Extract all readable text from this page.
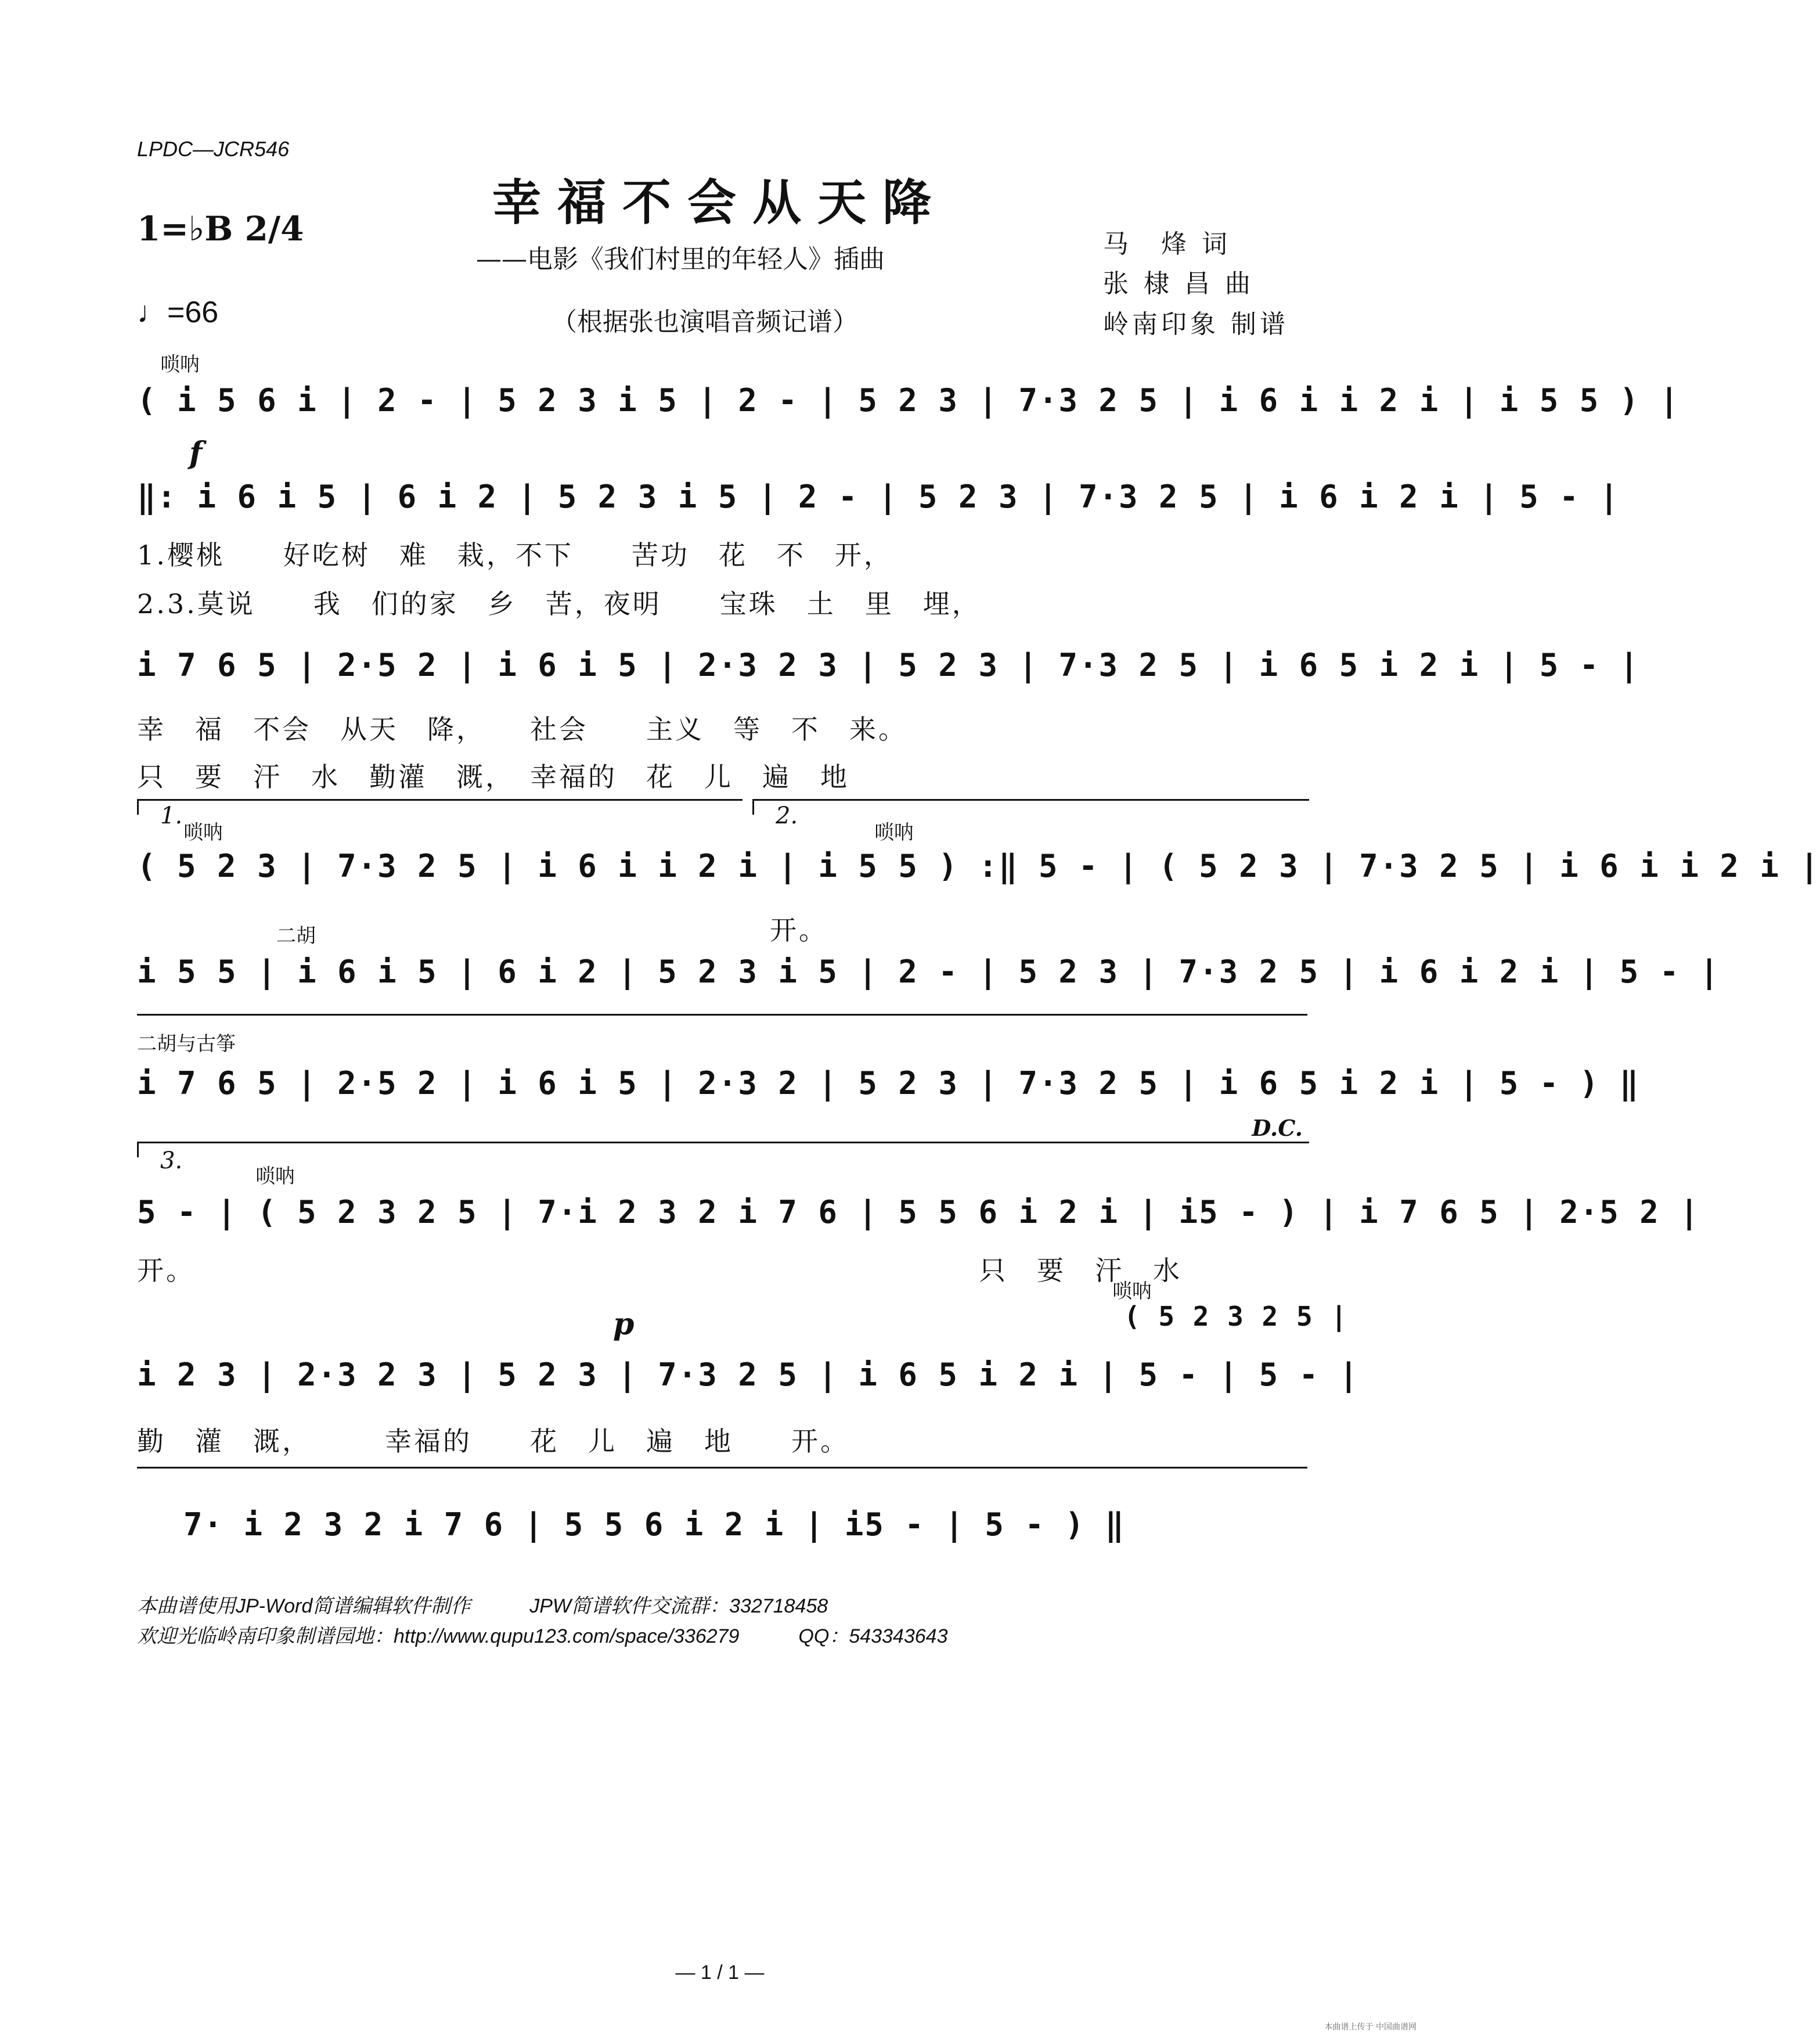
LPDC—JCR546
幸福不会从天降
——电影《我们村里的年轻人》插曲
（根据张也演唱音频记谱）
1=♭B 2/4
♩=66
马　烽 词
张 棣 昌 曲
岭南印象 制谱
唢呐
( i 5 6 i | 2 - | 5 2 3 i 5 | 2 - | 5 2 3 | 7·3 2 5 | i 6 i i 2 i | i 5 5 ) |
f
‖: i 6 i 5 | 6 i 2 | 5 2 3 i 5 | 2 - | 5 2 3 | 7·3 2 5 | i 6 i 2 i | 5 - |
1.樱桃　　好吃树　难　栽，不下　　苦功　花　不　开，
2.3.莫说　　我　们的家　乡　苦，夜明　　宝珠　土　里　埋，
i 7 6 5 | 2·5 2 | i 6 i 5 | 2·3 2 3 | 5 2 3 | 7·3 2 5 | i 6 5 i 2 i | 5 - |
幸　福　不会　从天　降，　　社会　　主义　等　不　来。
只　要　汗　水　勤灌　溉，　幸福的　花　儿　遍　地
1.
唢呐
2.
唢呐
( 5 2 3 | 7·3 2 5 | i 6 i i 2 i | i 5 5 ) :‖ 5 - | ( 5 2 3 | 7·3 2 5 | i 6 i i 2 i |
开。
二胡
i 5 5 | i 6 i 5 | 6 i 2 | 5 2 3 i 5 | 2 - | 5 2 3 | 7·3 2 5 | i 6 i 2 i | 5 - |
二胡与古筝
i 7 6 5 | 2·5 2 | i 6 i 5 | 2·3 2 | 5 2 3 | 7·3 2 5 | i 6 5 i 2 i | 5 - ) ‖
D.C.
3.
唢呐
5 - | ( 5 2 3 2 5 | 7·i 2 3 2 i 7 6 | 5 5 6 i 2 i | i5 - ) | i 7 6 5 | 2·5 2 |
开。	只　要　汗　水
唢呐
( 5 2 3 2 5 |
p
i 2 3 | 2·3 2 3 | 5 2 3 | 7·3 2 5 | i 6 5 i 2 i | 5 - | 5 - |
勤　灌　溉，　　　幸福的　　花　儿　遍　地　　开。
7· i 2 3 2 i 7 6 | 5 5 6 i 2 i | i5 - | 5 - ) ‖
本曲谱使用JP-Word简谱编辑软件制作　　　JPW简谱软件交流群：332718458
欢迎光临岭南印象制谱园地：http://www.qupu123.com/space/336279　　　QQ：543343643
— 1 / 1 —
本曲谱上传于 中国曲谱网
